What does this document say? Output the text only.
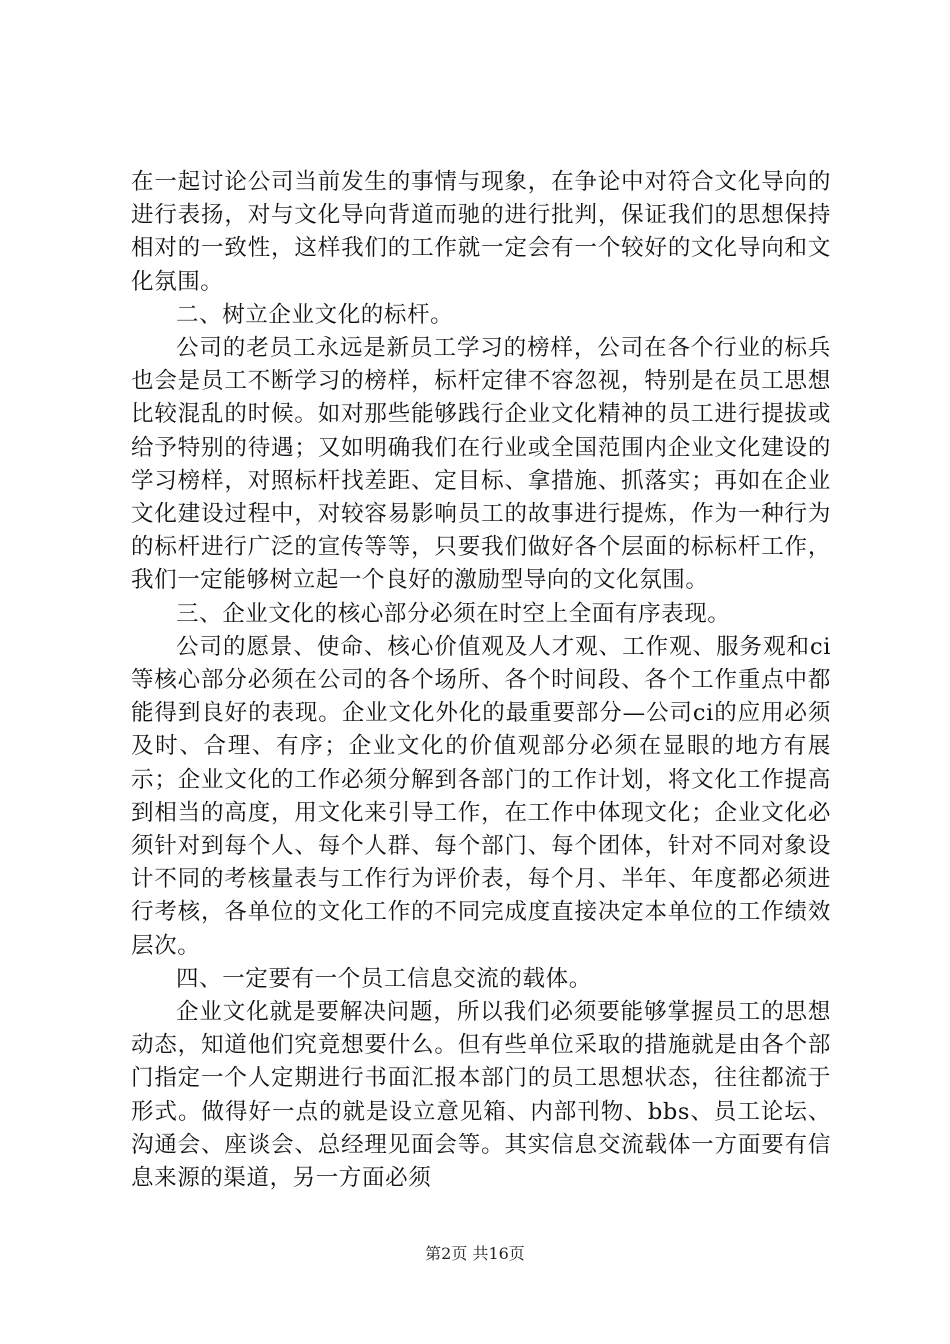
在一起讨论公司当前发生的事情与现象，在争论中对符合文化导向的进行表扬，对与文化导向背道而驰的进行批判，保证我们的思想保持相对的一致性，这样我们的工作就一定会有一个较好的文化导向和文化氛围。

二、树立企业文化的标杆。

公司的老员工永远是新员工学习的榜样，公司在各个行业的标兵也会是员工不断学习的榜样，标杆定律不容忽视，特别是在员工思想比较混乱的时候。如对那些能够践行企业文化精神的员工进行提拔或给予特别的待遇；又如明确我们在行业或全国范围内企业文化建设的学习榜样，对照标杆找差距、定目标、拿措施、抓落实；再如在企业文化建设过程中，对较容易影响员工的故事进行提炼，作为一种行为的标杆进行广泛的宣传等等，只要我们做好各个层面的标标杆工作，我们一定能够树立起一个良好的激励型导向的文化氛围。

三、企业文化的核心部分必须在时空上全面有序表现。

公司的愿景、使命、核心价值观及人才观、工作观、服务观和ci等核心部分必须在公司的各个场所、各个时间段、各个工作重点中都能得到良好的表现。企业文化外化的最重要部分—公司ci的应用必须及时、合理、有序；企业文化的价值观部分必须在显眼的地方有展示；企业文化的工作必须分解到各部门的工作计划，将文化工作提高到相当的高度，用文化来引导工作，在工作中体现文化；企业文化必须针对到每个人、每个人群、每个部门、每个团体，针对不同对象设计不同的考核量表与工作行为评价表，每个月、半年、年度都必须进行考核，各单位的文化工作的不同完成度直接决定本单位的工作绩效层次。

四、一定要有一个员工信息交流的载体。

企业文化就是要解决问题，所以我们必须要能够掌握员工的思想动态，知道他们究竟想要什么。但有些单位采取的措施就是由各个部门指定一个人定期进行书面汇报本部门的员工思想状态，往往都流于形式。做得好一点的就是设立意见箱、内部刊物、bbs、员工论坛、沟通会、座谈会、总经理见面会等。其实信息交流载体一方面要有信息来源的渠道，另一方面必须

第2页 共16页
